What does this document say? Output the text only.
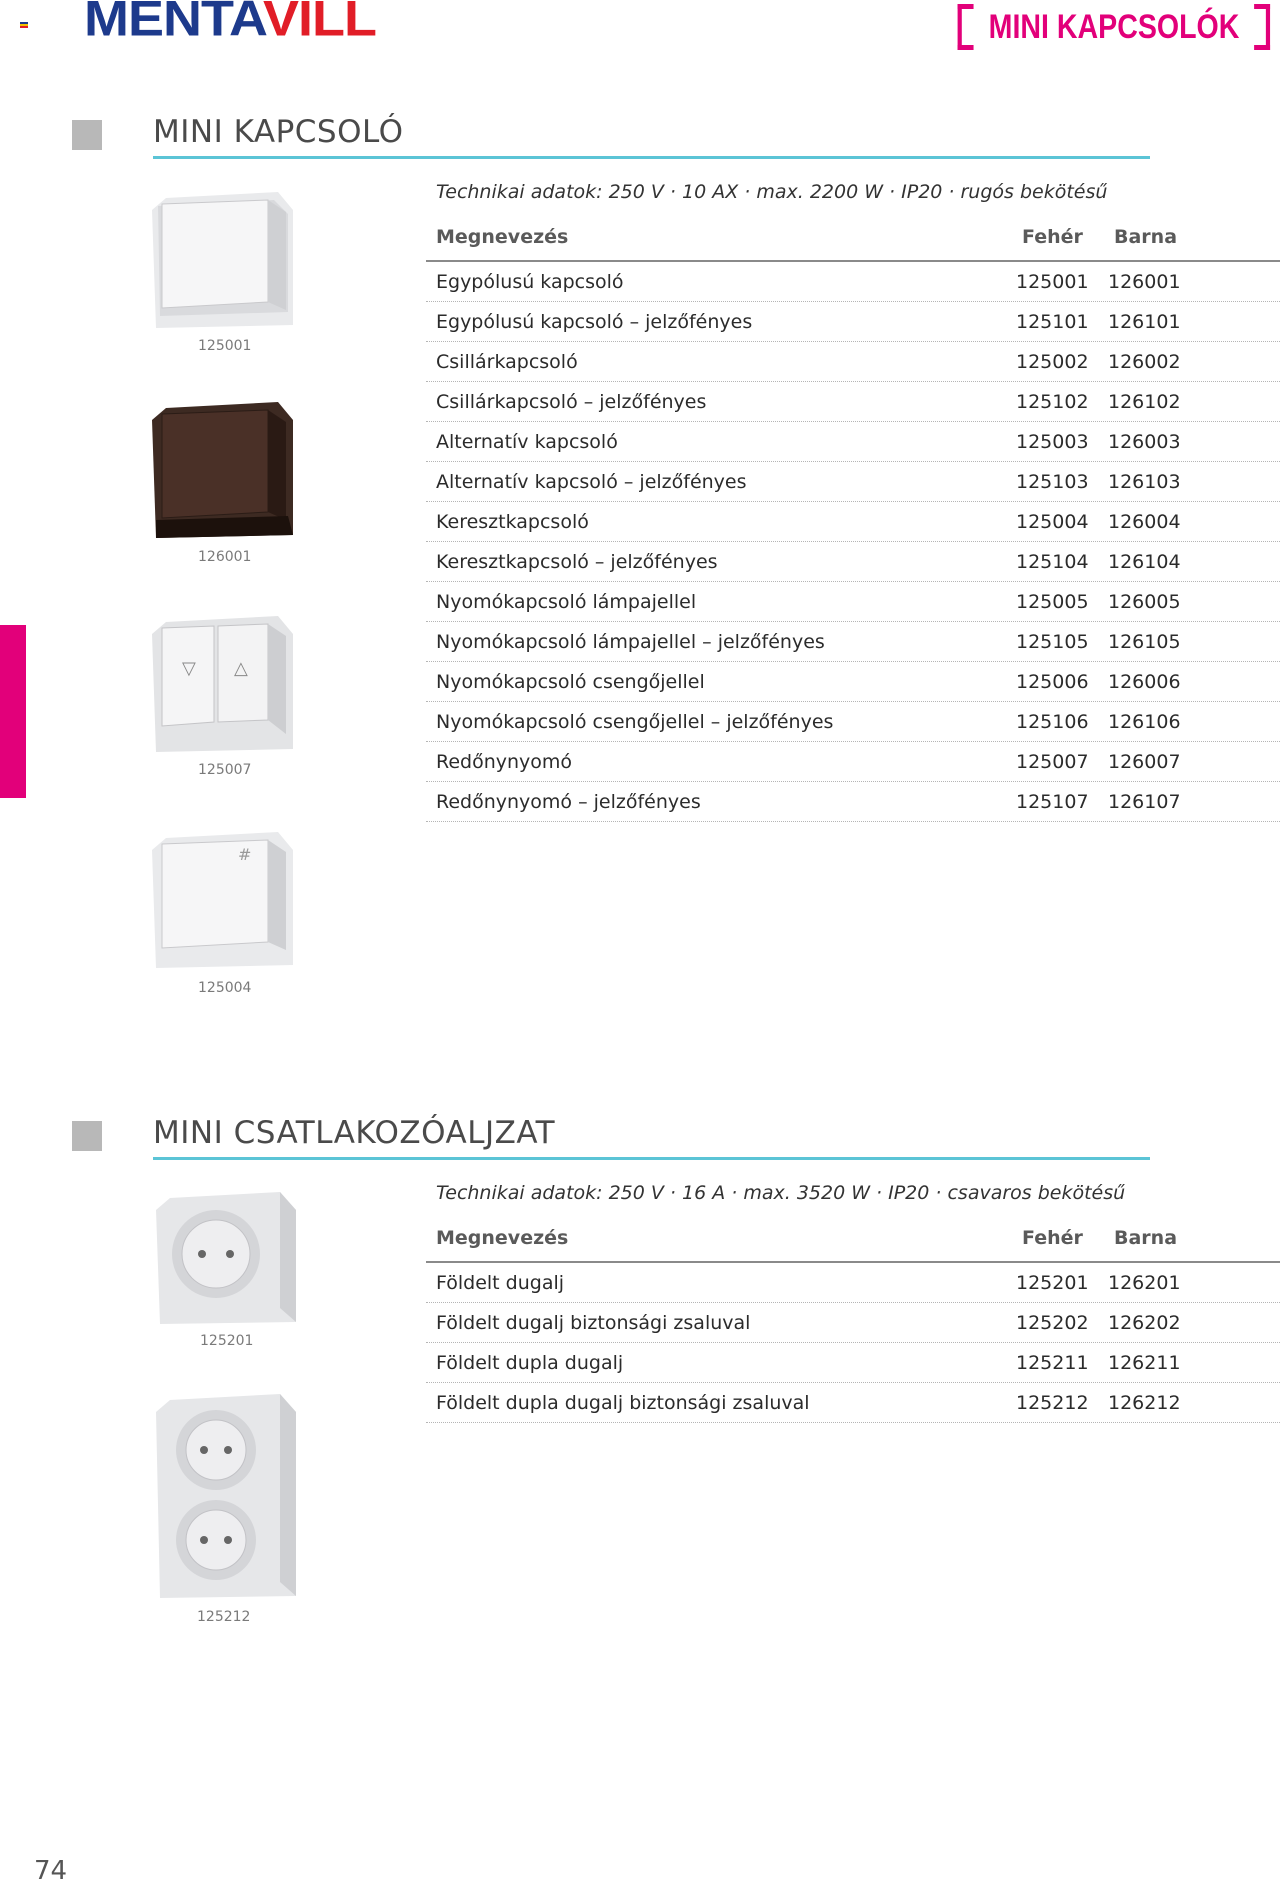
MENTAVILL	MINI KAPCSOLÓK
MINI KAPCSOLÓ
Technikai adatok: 250 V · 10 AX · max. 2200 W · IP20 · rugós bekötésű
Megnevezés	Fehér	Barna
Egypólusú kapcsoló	125001	126001
Egypólusú kapcsoló – jelzőfényes	125101	126101
Csillárkapcsoló	125002	126002
Csillárkapcsoló – jelzőfényes	125102	126102
Alternatív kapcsoló	125003	126003
Alternatív kapcsoló – jelzőfényes	125103	126103
Keresztkapcsoló	125004	126004
Keresztkapcsoló – jelzőfényes	125104	126104
Nyomókapcsoló lámpajellel	125005	126005
Nyomókapcsoló lámpajellel – jelzőfényes	125105	126105
Nyomókapcsoló csengőjellel	125006	126006
Nyomókapcsoló csengőjellel – jelzőfényes	125106	126106
Redőnynyomó	125007	126007
Redőnynyomó – jelzőfényes	125107	126107
125001
126001
▽ △
125007
#
125004
MINI CSATLAKOZÓALJZAT
Technikai adatok: 250 V · 16 A · max. 3520 W · IP20 · csavaros bekötésű
Megnevezés	Fehér	Barna
Földelt dugalj	125201	126201
Földelt dugalj biztonsági zsaluval	125202	126202
Földelt dupla dugalj	125211	126211
Földelt dupla dugalj biztonsági zsaluval	125212	126212
125201
125212
74
